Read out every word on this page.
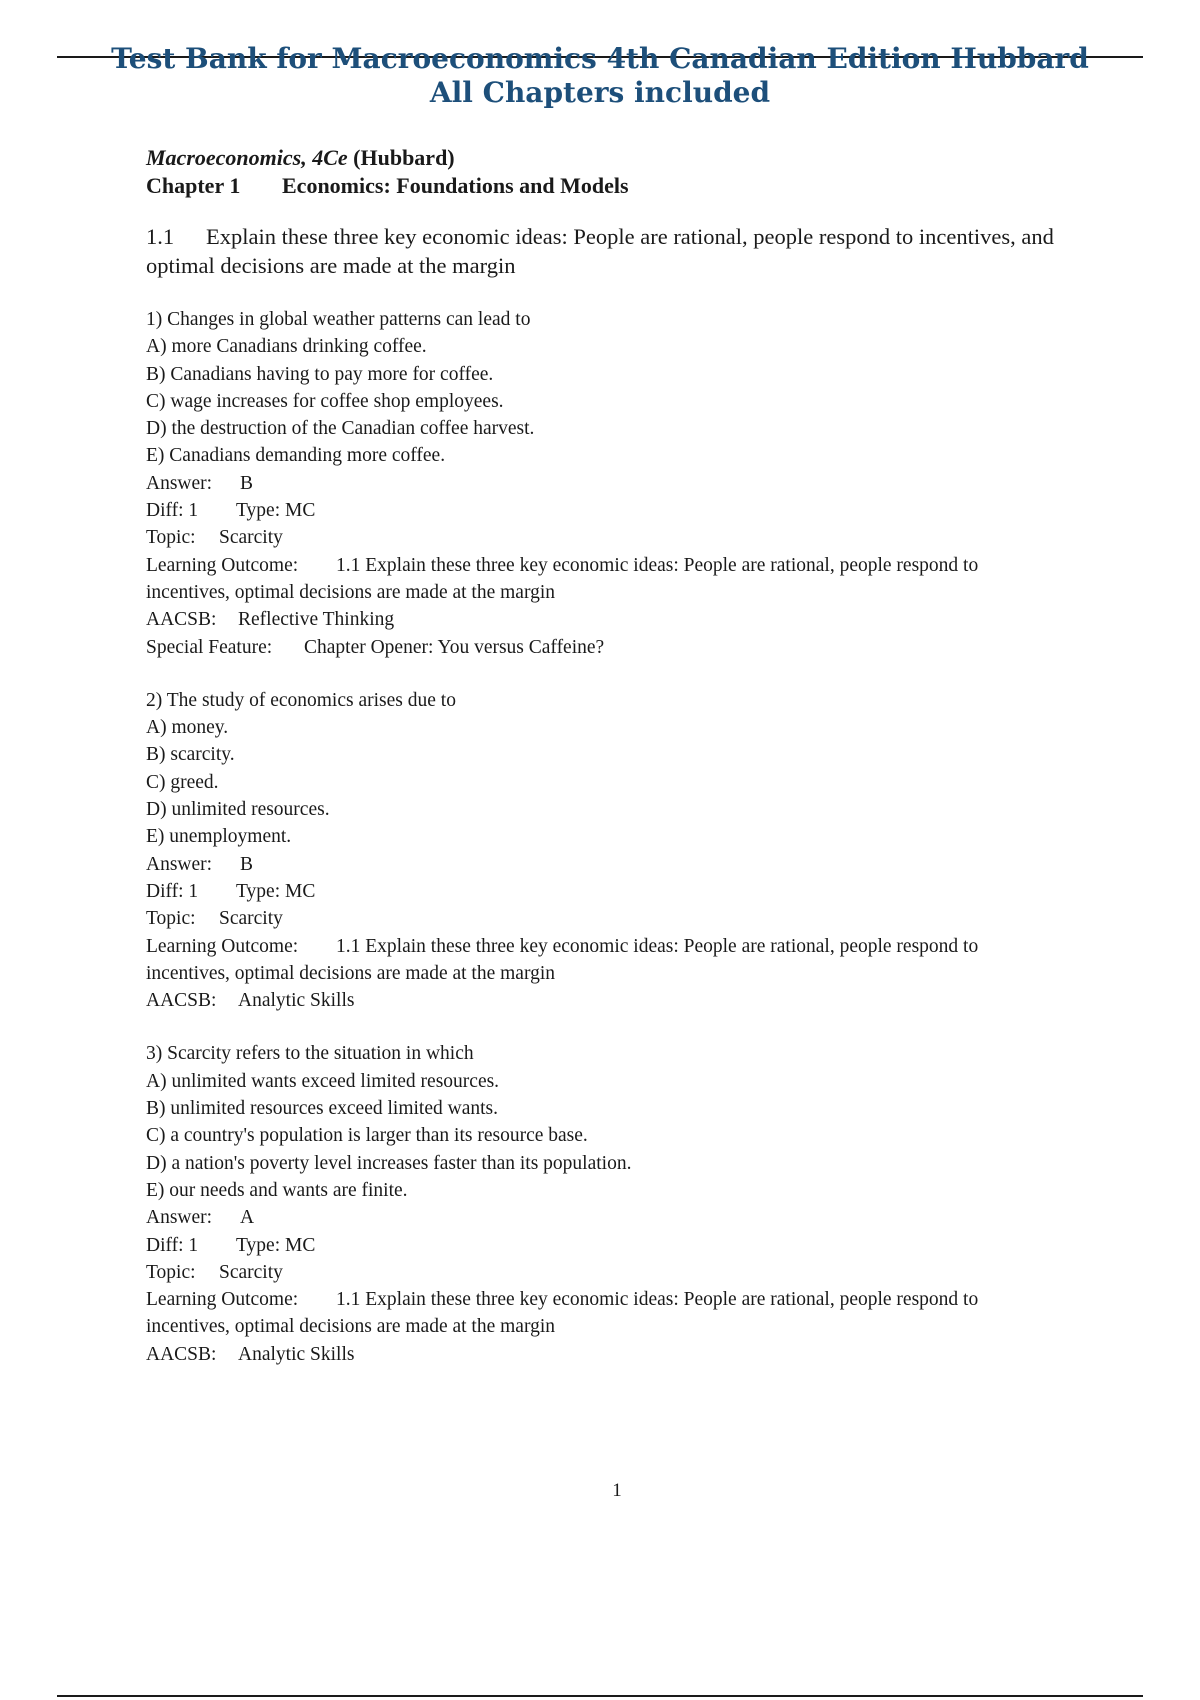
Test Bank for Macroeconomics 4th Canadian Edition Hubbard
All Chapters included
Macroeconomics, 4Ce (Hubbard)
Chapter 1 Economics: Foundations and Models
1.1 Explain these three key economic ideas: People are rational, people respond to incentives, and optimal decisions are made at the margin
1) Changes in global weather patterns can lead to
A) more Canadians drinking coffee.
B) Canadians having to pay more for coffee.
C) wage increases for coffee shop employees.
D) the destruction of the Canadian coffee harvest.
E) Canadians demanding more coffee.
Answer: B
Diff: 1 Type: MC
Topic: Scarcity
Learning Outcome: 1.1 Explain these three key economic ideas: People are rational, people respond to
incentives, optimal decisions are made at the margin
AACSB: Reflective Thinking
Special Feature: Chapter Opener: You versus Caffeine?
2) The study of economics arises due to
A) money.
B) scarcity.
C) greed.
D) unlimited resources.
E) unemployment.
Answer: B
Diff: 1 Type: MC
Topic: Scarcity
Learning Outcome: 1.1 Explain these three key economic ideas: People are rational, people respond to
incentives, optimal decisions are made at the margin
AACSB: Analytic Skills
3) Scarcity refers to the situation in which
A) unlimited wants exceed limited resources.
B) unlimited resources exceed limited wants.
C) a country's population is larger than its resource base.
D) a nation's poverty level increases faster than its population.
E) our needs and wants are finite.
Answer: A
Diff: 1 Type: MC
Topic: Scarcity
Learning Outcome: 1.1 Explain these three key economic ideas: People are rational, people respond to
incentives, optimal decisions are made at the margin
AACSB: Analytic Skills
1
